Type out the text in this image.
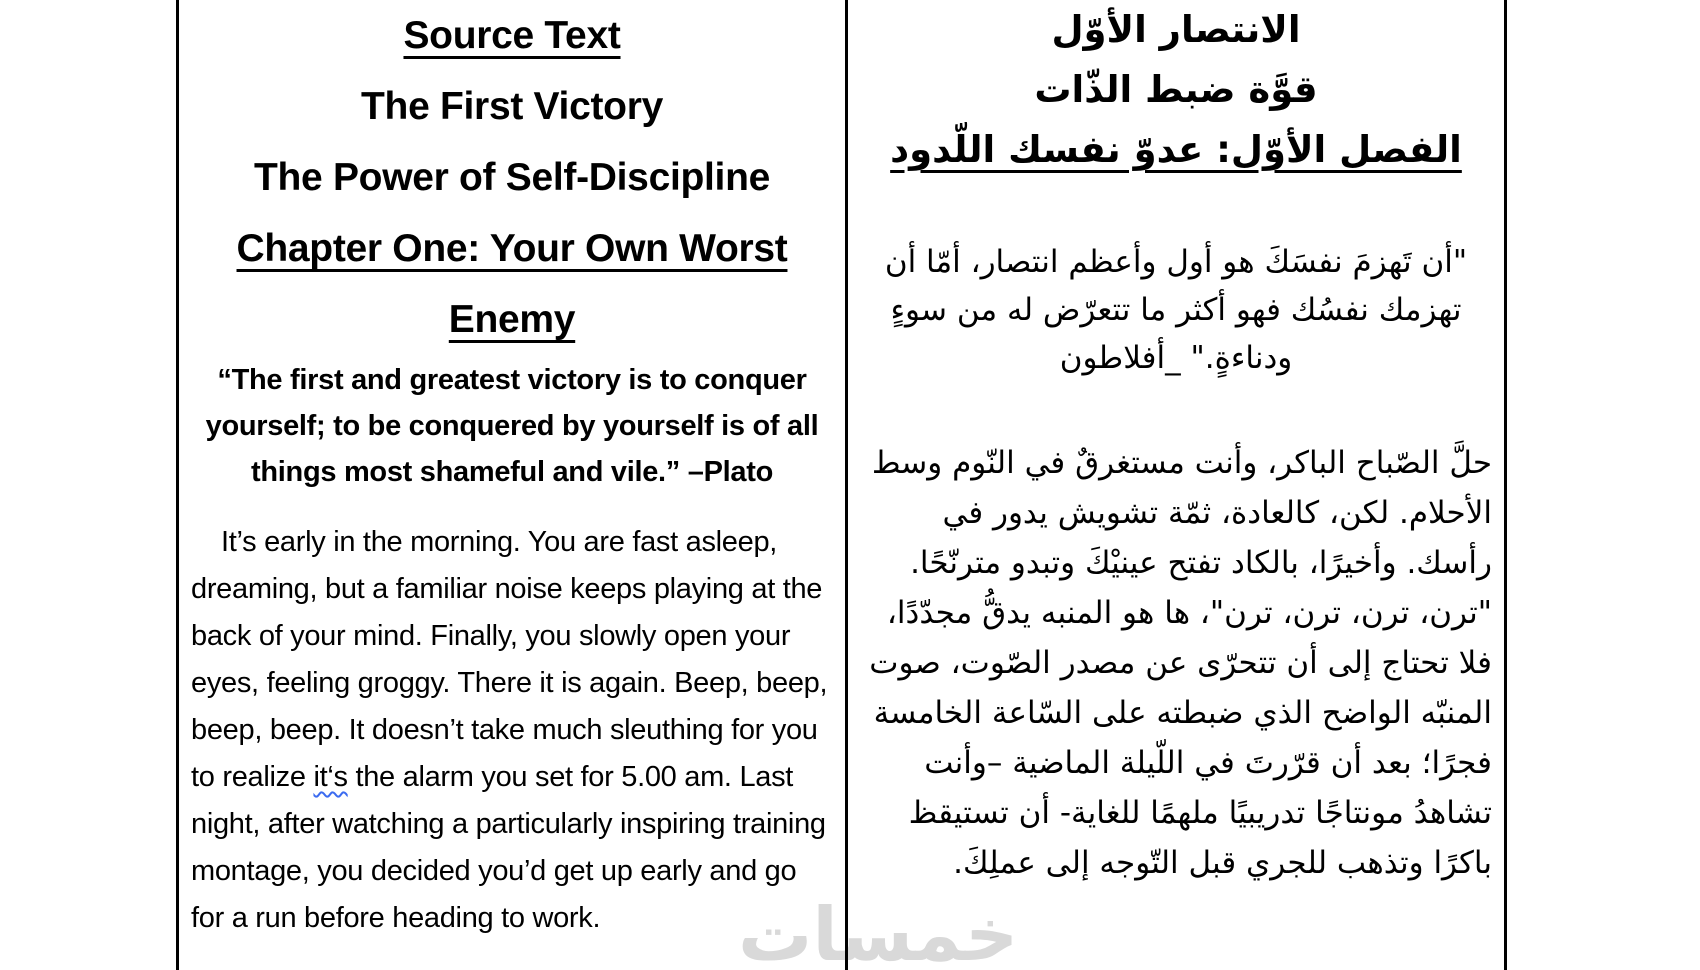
خمسات
Source Text
The First Victory
The Power of Self-Discipline
Chapter One: Your Own Worst Enemy
“The first and greatest victory is to conquer yourself; to be conquered by yourself is of all things most shameful and vile.” –Plato

It’s early in the morning. You are fast asleep, dreaming, but a familiar noise keeps playing at the back of your mind. Finally, you slowly open your eyes, feeling groggy. There it is again. Beep, beep, beep, beep. It doesn’t take much sleuthing for you to realize it‘s the alarm you set for 5.00 am. Last night, after watching a particularly inspiring training montage, you decided you’d get up early and go for a run before heading to work.

الانتصار الأوّل
قوَّة ضبط الذّات
الفصل الأوّل: عدوّ نفسك اللّدود
"أن تَهزمَ نفسَكَ هو أول وأعظم انتصار، أمّا أن تهزمك نفسُك فهو أكثر ما تتعرّض له من سوءٍ ودناءةٍ." _أفلاطون

حلَّ الصّباح الباكر، وأنت مستغرقٌ في النّوم وسط الأحلام. لكن، كالعادة، ثمّة تشويش يدور في رأسك. وأخيرًا، بالكاد تفتح عينيْكَ وتبدو مترنّحًا. "ترن، ترن، ترن، ترن"، ها هو المنبه يدقُّ مجدّدًا، فلا تحتاج إلى أن تتحرّى عن مصدر الصّوت، صوت المنبّه الواضح الذي ضبطته على السّاعة الخامسة فجرًا؛ بعد أن قرّرتَ في اللّيلة الماضية –وأنت تشاهدُ مونتاجًا تدريبيًا ملهمًا للغاية- أن تستيقظ باكرًا وتذهب للجري قبل التّوجه إلى عملِكَ.
